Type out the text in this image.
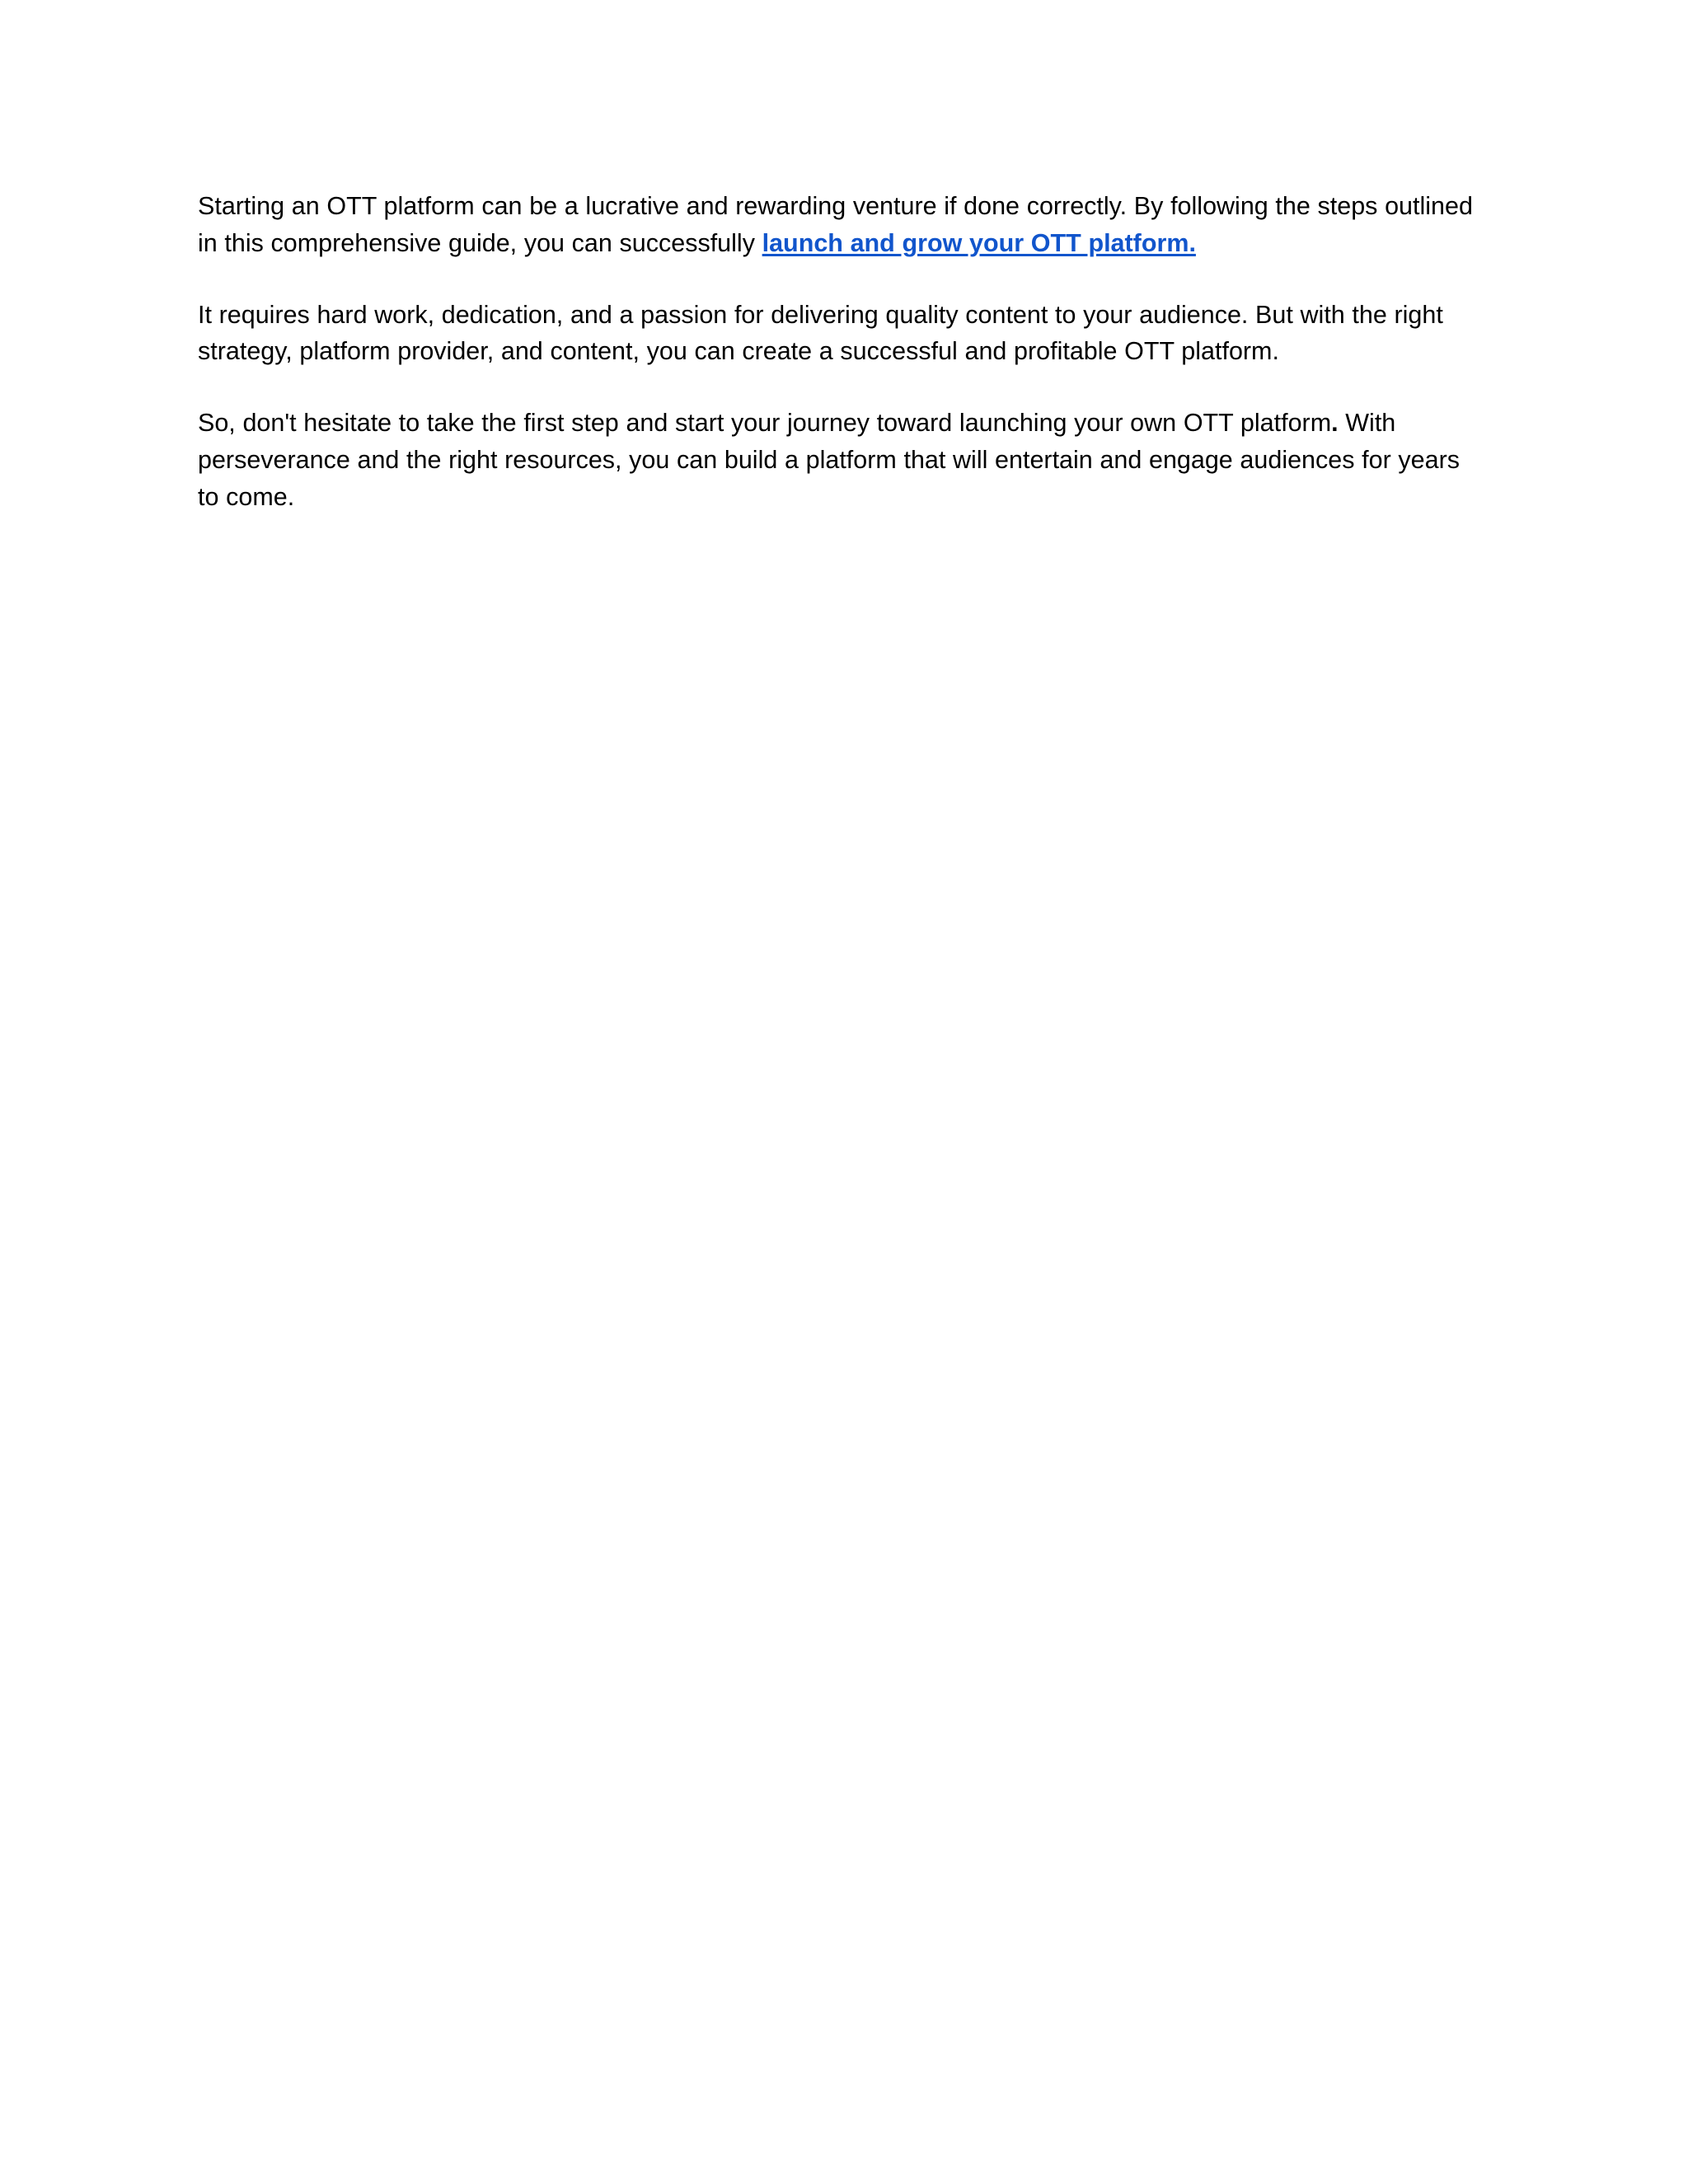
Starting an OTT platform can be a lucrative and rewarding venture if done correctly. By following the steps outlined in this comprehensive guide, you can successfully launch and grow your OTT platform.

It requires hard work, dedication, and a passion for delivering quality content to your audience. But with the right strategy, platform provider, and content, you can create a successful and profitable OTT platform.

So, don't hesitate to take the first step and start your journey toward launching your own OTT platform. With perseverance and the right resources, you can build a platform that will entertain and engage audiences for years to come.
